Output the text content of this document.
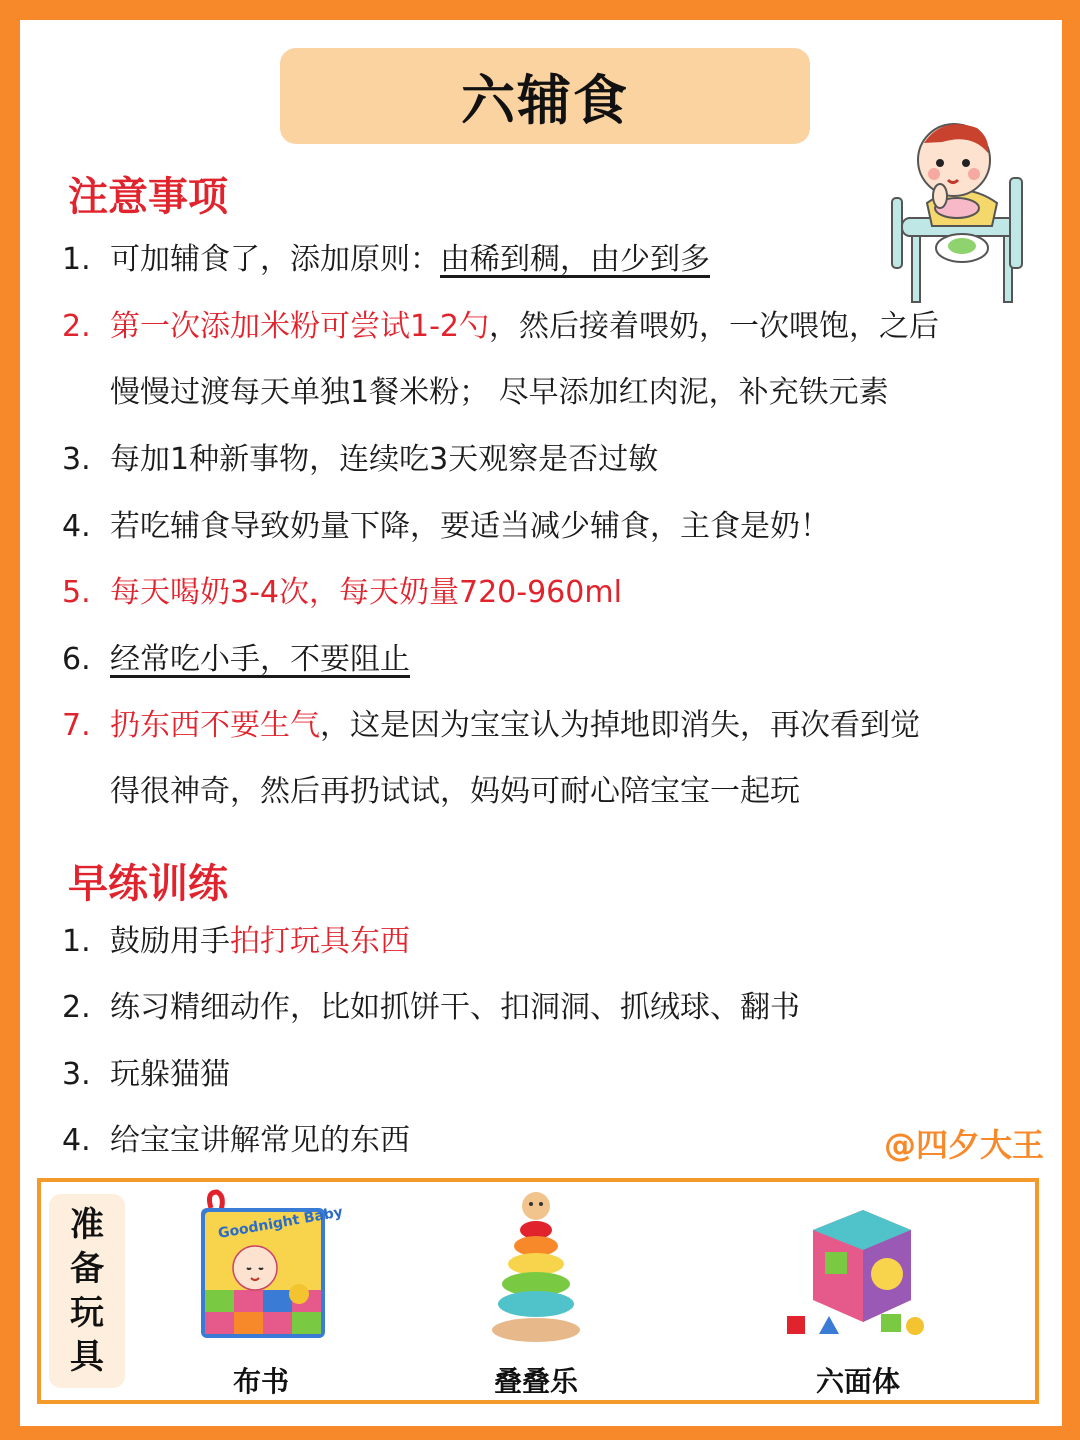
六辅食
注意事项
1. 可加辅食了，添加原则：由稀到稠，由少到多
2. 第一次添加米粉可尝试1-2勺，然后接着喂奶，一次喂饱，之后
慢慢过渡每天单独1餐米粉； 尽早添加红肉泥，补充铁元素
3. 每加1种新事物，连续吃3天观察是否过敏
4. 若吃辅食导致奶量下降，要适当减少辅食，主食是奶！
5. 每天喝奶3-4次，每天奶量720-960ml
6. 经常吃小手，不要阻止
7. 扔东西不要生气，这是因为宝宝认为掉地即消失，再次看到觉
得很神奇，然后再扔试试，妈妈可耐心陪宝宝一起玩
早练训练
1. 鼓励用手拍打玩具东西
2. 练习精细动作，比如抓饼干、扣洞洞、抓绒球、翻书
3. 玩躲猫猫
4. 给宝宝讲解常见的东西	@四夕大王
准
备
玩
具
Goodnight Baby
布书	叠叠乐	六面体
